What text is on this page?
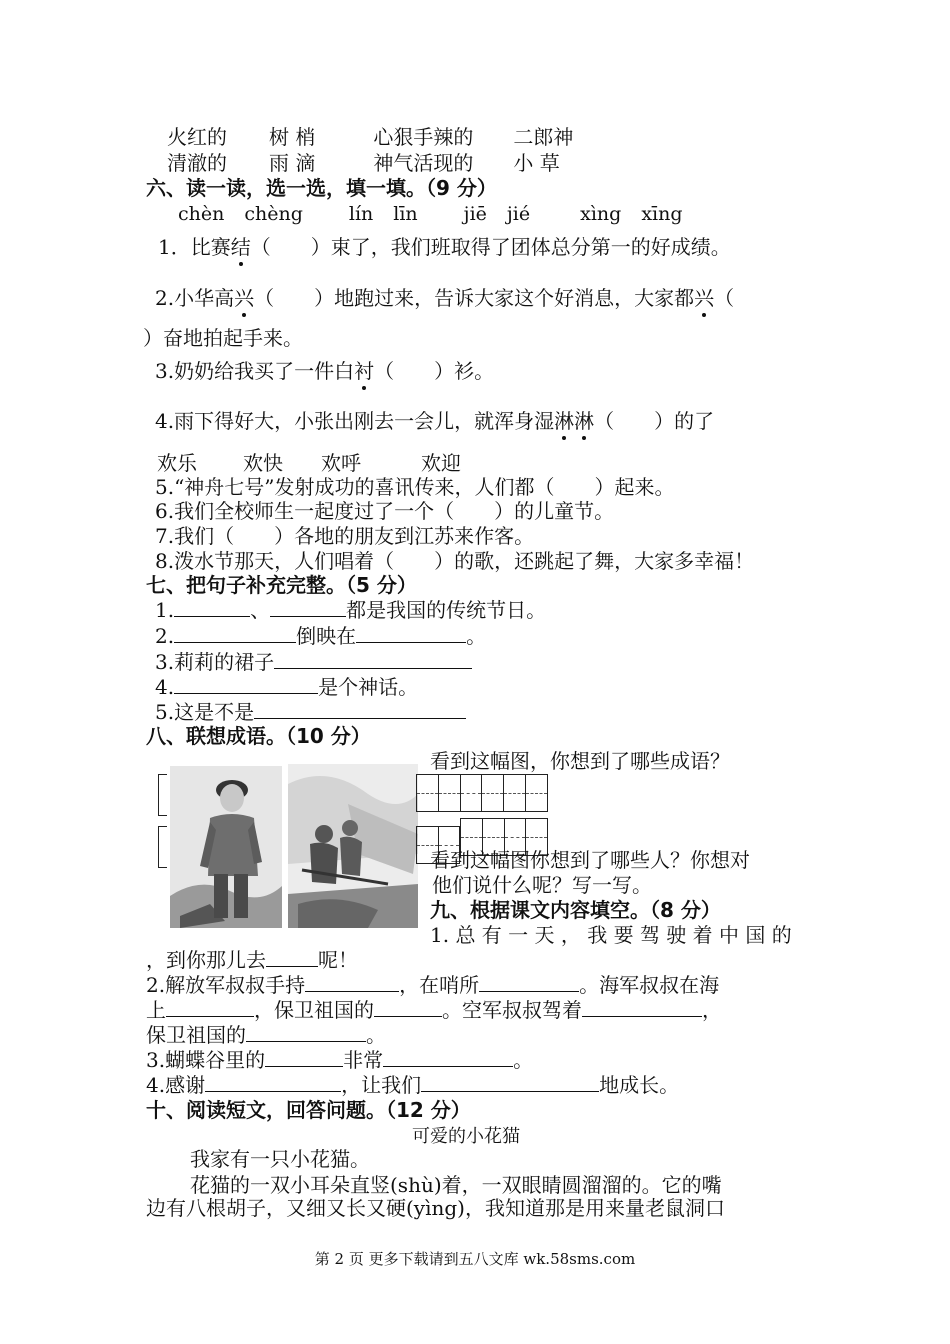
火红的 树 梢	心狠手辣的 二郎神
清澈的 雨 滴	神气活现的 小 草
六、读一读，选一选，填一填。（9 分）
chèn chèng lín līn jiē jié	xìng xīng
1．比赛结（　　）束了，我们班取得了团体总分第一的好成绩。
2.小华高兴（　　）地跑过来，告诉大家这个好消息，大家都兴（
）奋地拍起手来。
3.奶奶给我买了一件白衬（　　）衫。
4.雨下得好大，小张出刚去一会儿，就浑身湿淋淋（　　）的了
欢乐 欢快 欢呼	欢迎
5.“神舟七号”发射成功的喜讯传来，人们都（　　）起来。
6.我们全校师生一起度过了一个（　　）的儿童节。
7.我们（　　）各地的朋友到江苏来作客。
8.泼水节那天，人们唱着（　　）的歌，还跳起了舞，大家多幸福！
七、把句子补充完整。（5 分）
1.	、	都是我国的传统节日。
2.	倒映在	。
3.莉莉的裙子
4.	是个神话。
5.这是不是
八、联想成语。（10 分）
看到这幅图，你想到了哪些成语？
看到这幅图你想到了哪些人？你想对
他们说什么呢？写一写。
九、根据课文内容填空。（8 分）
1. 总 有 一 天 ， 我 要 驾 驶 着 中 国 的
，到你那儿去	呢！
2.解放军叔叔手持	，在哨所	。海军叔叔在海
上	，保卫祖国的	。空军叔叔驾着	，
保卫祖国的	。
3.蝴蝶谷里的	非常	。
4.感谢	，让我们	地成长。
十、阅读短文，回答问题。（12 分）
可爱的小花猫
我家有一只小花猫。
花猫的一双小耳朵直竖(shù)着，一双眼睛圆溜溜的。它的嘴
边有八根胡子，又细又长又硬(yìng)，我知道那是用来量老鼠洞口
第 2 页 更多下载请到五八文库 wk.58sms.com
